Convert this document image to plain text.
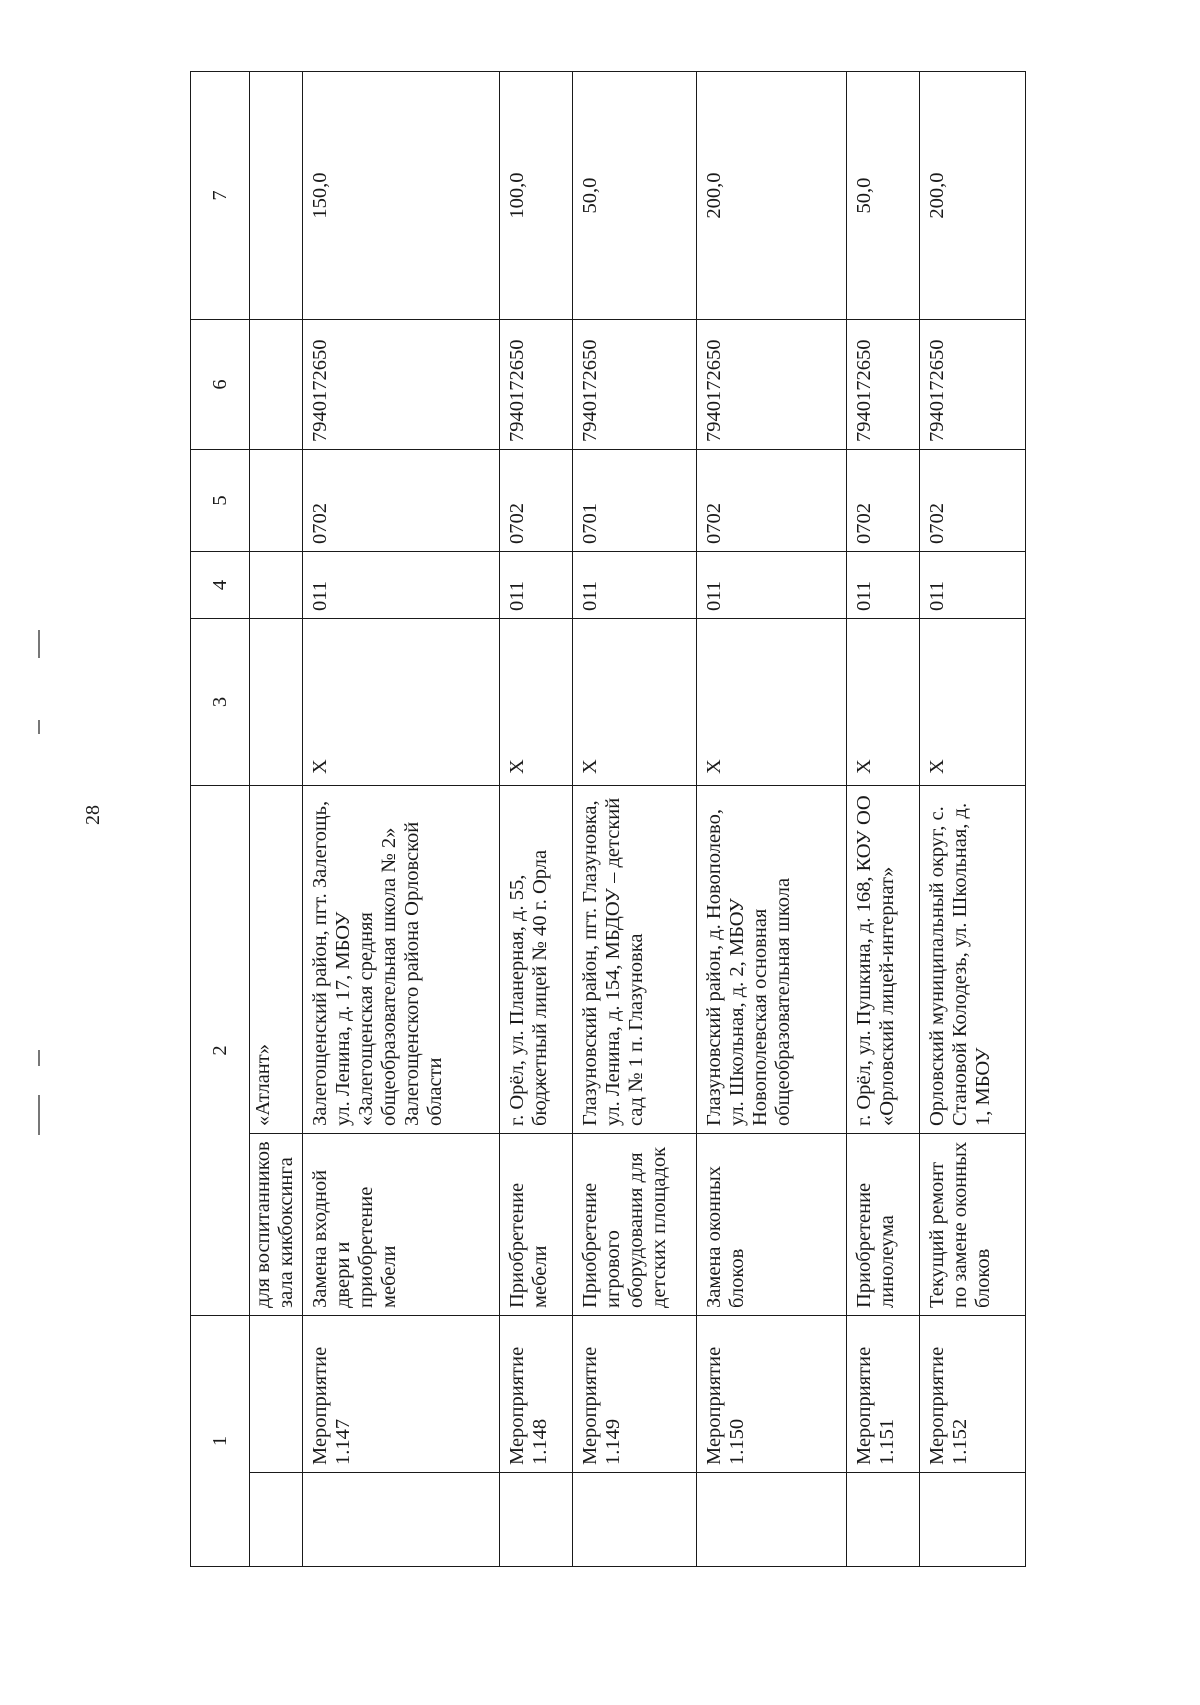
28
1		2		3	4	5	6	7
		для воспитанников зала кикбоксинга	«Атлант»					
	Мероприятие 1.147	Замена входной двери и приобретение мебели	Залегощенский район, пгт. Залегощь, ул. Ленина, д. 17, МБОУ «Залегощенская средняя общеобразовательная школа № 2» Залегощенского района Орловской области	Х	011	0702	7940172650	150,0
	Мероприятие 1.148	Приобретение мебели	г. Орёл, ул. Планерная, д. 55, бюджетный лицей № 40 г. Орла	Х	011	0702	7940172650	100,0
	Мероприятие 1.149	Приобретение игрового оборудования для детских площадок	Глазуновский район, пгт. Глазуновка, ул. Ленина, д. 154, МБДОУ – детский сад № 1 п. Глазуновка	Х	011	0701	7940172650	50,0
	Мероприятие 1.150	Замена оконных блоков	Глазуновский район, д. Новополево, ул. Школьная, д. 2, МБОУ Новополевская основная общеобразовательная школа	Х	011	0702	7940172650	200,0
	Мероприятие 1.151	Приобретение линолеума	г. Орёл, ул. Пушкина, д. 168, КОУ ОО «Орловский лицей-интернат»	Х	011	0702	7940172650	50,0
	Мероприятие 1.152	Текущий ремонт по замене оконных блоков	Орловский муниципальный округ, с. Становой Колодезь, ул. Школьная, д. 1, МБОУ	Х	011	0702	7940172650	200,0
